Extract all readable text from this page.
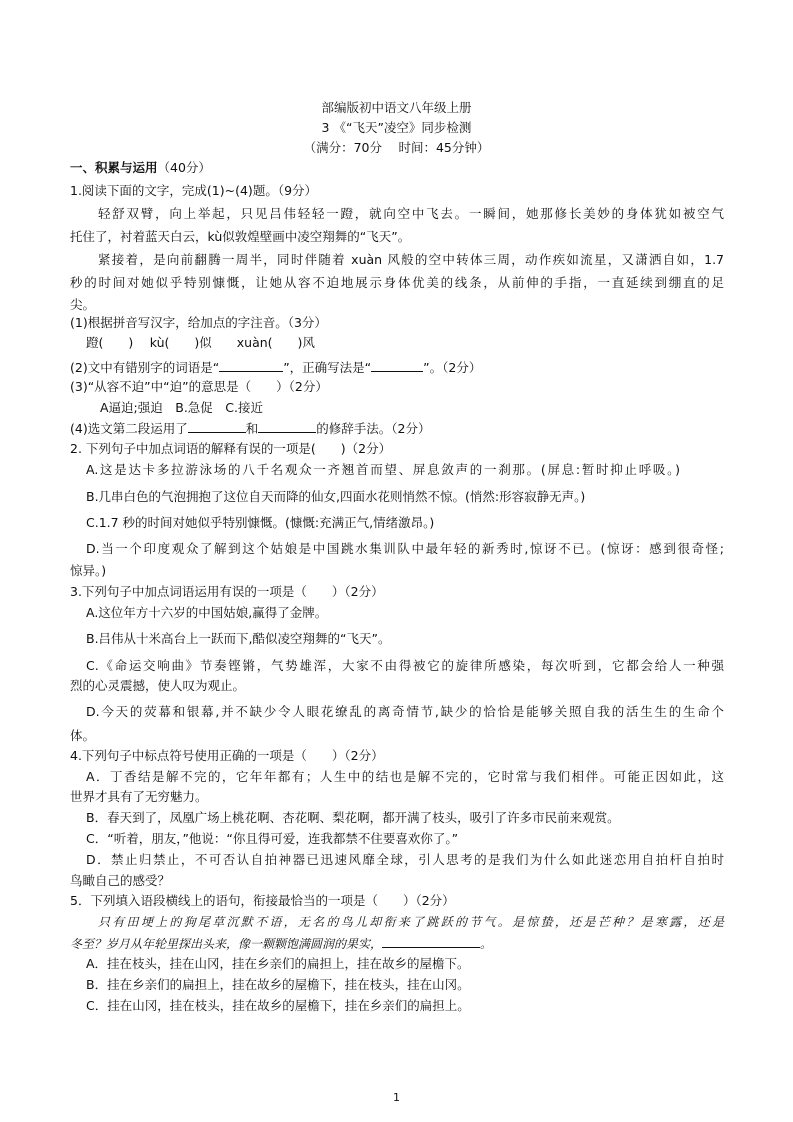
部编版初中语文八年级上册
3 《“飞天”凌空》同步检测
（满分：70分　 时间：45分钟）
一、积累与运用（40分）
1.阅读下面的文字，完成(1)~(4)题。（9分）
轻舒双臂，向上举起，只见吕伟轻轻一蹬，就向空中飞去。一瞬间，她那修长美妙的身体犹如被空气
托住了，衬着蓝天白云，kù似敦煌壁画中凌空翔舞的“飞天”。
紧接着，是向前翻腾一周半，同时伴随着 xuàn 风般的空中转体三周，动作疾如流星，又潇洒自如，1.7
秒的时间对她似乎特别慷慨，让她从容不迫地展示身体优美的线条，从前伸的手指，一直延续到绷直的足
尖。
(1)根据拼音写汉字，给加点的字注音。（3分）
蹬(　　)　 kù(　　)似　　xuàn(　　)风
(2)文中有错别字的词语是“	”，正确写法是“	”。（2分）
(3)“从容不迫”中“迫”的意思是（　　）（2分）
A逼迫;强迫　B.急促　C.接近
(4)选文第二段运用了	和	的修辞手法。（2分）
2. 下列句子中加点词语的解释有误的一项是(　　)（2分）
A.这是达卡多拉游泳场的八千名观众一齐翘首而望、屏息敛声的一刹那。(屏息:暂时抑止呼吸。)
B.几串白色的气泡拥抱了这位自天而降的仙女,四面水花则悄然不惊。(悄然:形容寂静无声。)
C.1.7 秒的时间对她似乎特别慷慨。(慷慨:充满正气,情绪激昂。)
D.当一个印度观众了解到这个姑娘是中国跳水集训队中最年轻的新秀时,惊讶不已。(惊讶：感到很奇怪;
惊异。)
3.下列句子中加点词语运用有误的一项是（　　）（2分）
A.这位年方十六岁的中国姑娘,赢得了金牌。
B.吕伟从十米高台上一跃而下,酷似凌空翔舞的“飞天”。
C.《命运交响曲》节奏铿锵，气势雄浑，大家不由得被它的旋律所感染，每次听到，它都会给人一种强
烈的心灵震撼，使人叹为观止。
D.今天的荧幕和银幕,并不缺少令人眼花缭乱的离奇情节,缺少的恰恰是能够关照自我的活生生的生命个
体。
4.下列句子中标点符号使用正确的一项是（　　）（2分）
A．丁香结是解不完的，它年年都有；人生中的结也是解不完的，它时常与我们相伴。可能正因如此，这
世界才具有了无穷魅力。
B．春天到了，凤凰广场上桃花啊、杏花啊、梨花啊，都开满了枝头，吸引了许多市民前来观赏。
C．“听着，朋友，”他说：“你且得可爱，连我都禁不住要喜欢你了。”
D．禁止归禁止，不可否认自拍神器已迅速风靡全球，引人思考的是我们为什么如此迷恋用自拍杆自拍时
鸟瞰自己的感受？
5．下列填入语段横线上的语句，衔接最恰当的一项是（　　）（2分）
只有田埂上的狗尾草沉默不语，无名的鸟儿却衔来了跳跃的节气。是惊蛰，还是芒种？是寒露，还是
冬至？岁月从年轮里探出头来，像一颗颗饱满圆润的果实，	。
A．挂在枝头，挂在山冈，挂在乡亲们的扁担上，挂在故乡的屋檐下。
B．挂在乡亲们的扁担上，挂在故乡的屋檐下，挂在枝头，挂在山冈。
C．挂在山冈，挂在枝头，挂在故乡的屋檐下，挂在乡亲们的扁担上。
1
